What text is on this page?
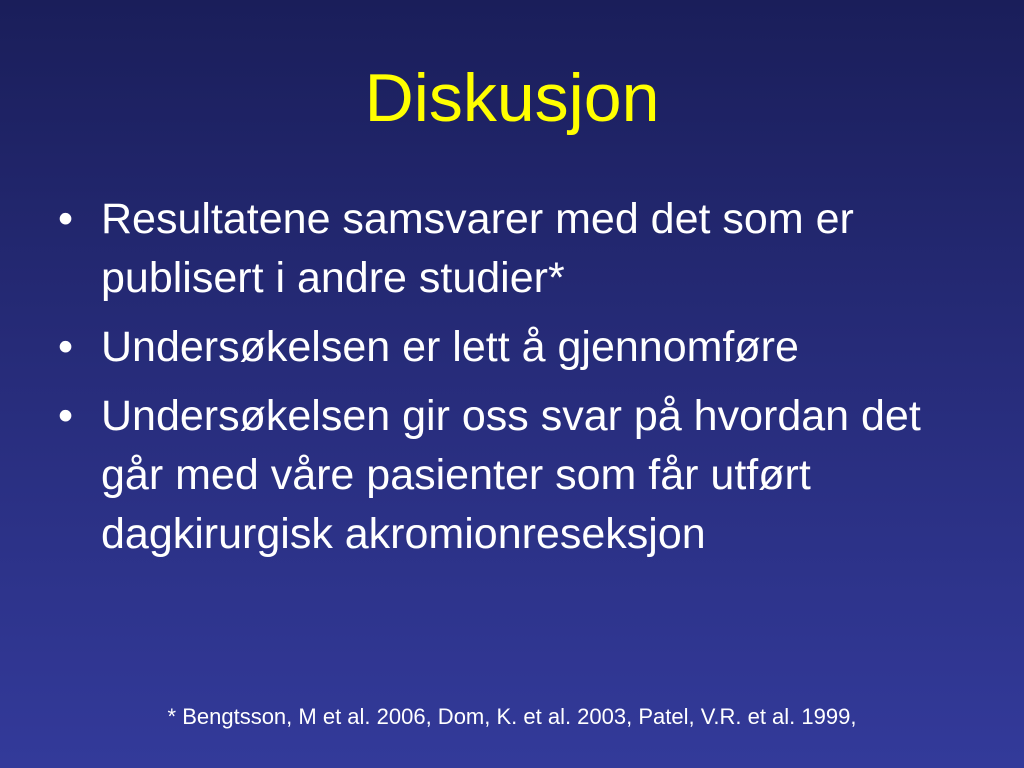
Diskusjon
• Resultatene samsvarer med det som er publisert i andre studier*
• Undersøkelsen er lett å gjennomføre
• Undersøkelsen gir oss svar på hvordan det går med våre pasienter som får utført dagkirurgisk akromionreseksjon
* Bengtsson, M et al. 2006, Dom, K. et al. 2003, Patel, V.R. et al. 1999,
